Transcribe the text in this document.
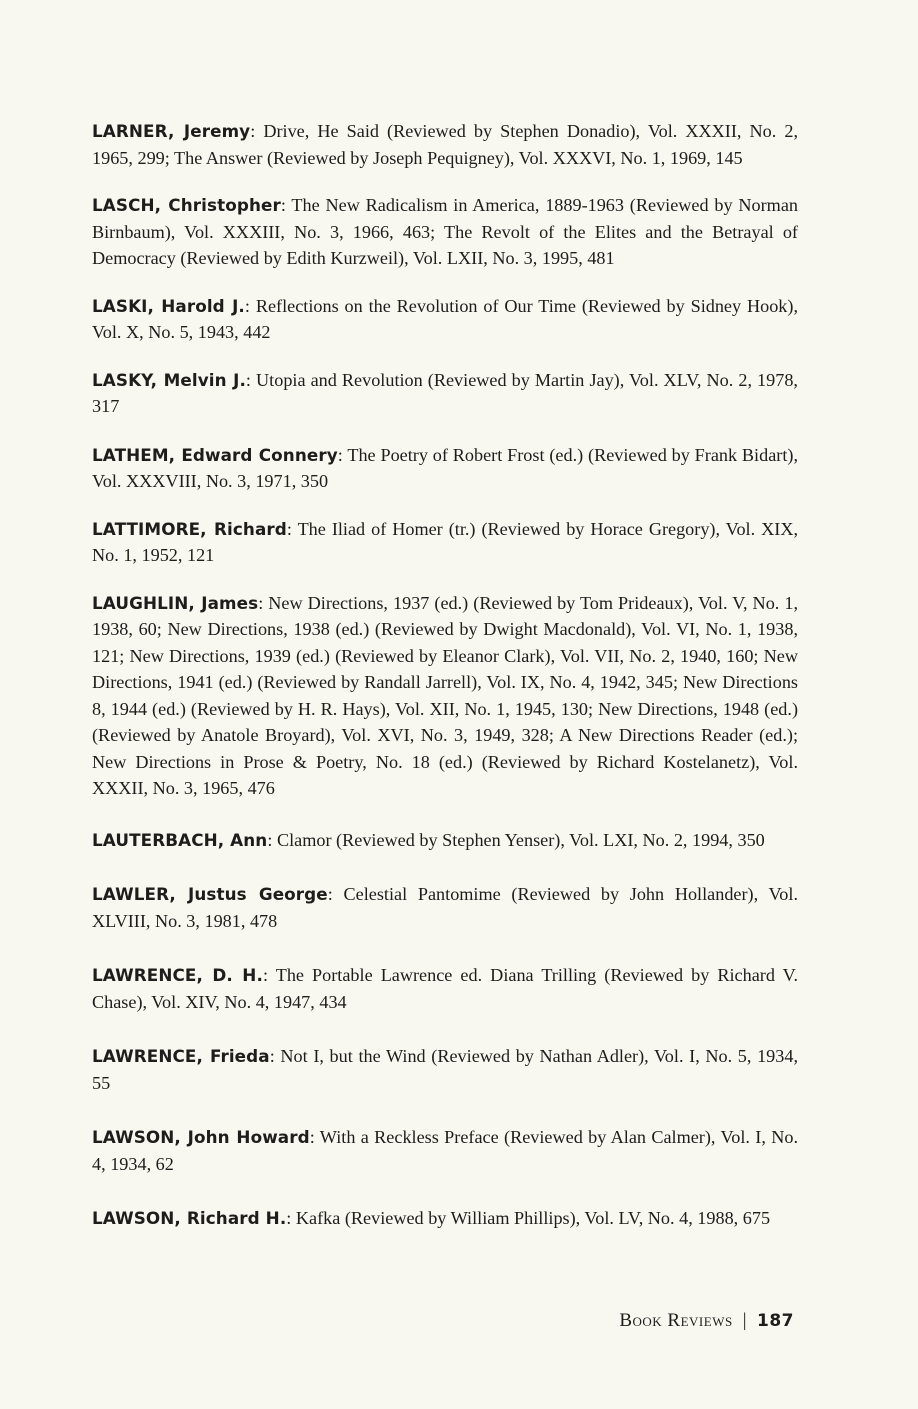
LARNER, Jeremy: Drive, He Said (Reviewed by Stephen Donadio), Vol. XXXII, No. 2, 1965, 299; The Answer (Reviewed by Joseph Pequigney), Vol. XXXVI, No. 1, 1969, 145

LASCH, Christopher: The New Radicalism in America, 1889-1963 (Reviewed by Norman Birnbaum), Vol. XXXIII, No. 3, 1966, 463; The Revolt of the Elites and the Betrayal of Democracy (Reviewed by Edith Kurzweil), Vol. LXII, No. 3, 1995, 481

LASKI, Harold J.: Reflections on the Revolution of Our Time (Reviewed by Sidney Hook), Vol. X, No. 5, 1943, 442

LASKY, Melvin J.: Utopia and Revolution (Reviewed by Martin Jay), Vol. XLV, No. 2, 1978, 317

LATHEM, Edward Connery: The Poetry of Robert Frost (ed.) (Reviewed by Frank Bidart), Vol. XXXVIII, No. 3, 1971, 350

LATTIMORE, Richard: The Iliad of Homer (tr.) (Reviewed by Horace Gregory), Vol. XIX, No. 1, 1952, 121

LAUGHLIN, James: New Directions, 1937 (ed.) (Reviewed by Tom Prideaux), Vol. V, No. 1, 1938, 60; New Directions, 1938 (ed.) (Reviewed by Dwight Macdonald), Vol. VI, No. 1, 1938, 121; New Directions, 1939 (ed.) (Reviewed by Eleanor Clark), Vol. VII, No. 2, 1940, 160; New Directions, 1941 (ed.) (Reviewed by Randall Jarrell), Vol. IX, No. 4, 1942, 345; New Directions 8, 1944 (ed.) (Reviewed by H. R. Hays), Vol. XII, No. 1, 1945, 130; New Directions, 1948 (ed.) (Reviewed by Anatole Broyard), Vol. XVI, No. 3, 1949, 328; A New Directions Reader (ed.); New Directions in Prose & Poetry, No. 18 (ed.) (Reviewed by Richard Kostelanetz), Vol. XXXII, No. 3, 1965, 476

LAUTERBACH, Ann: Clamor (Reviewed by Stephen Yenser), Vol. LXI, No. 2, 1994, 350

LAWLER, Justus George: Celestial Pantomime (Reviewed by John Hollander), Vol. XLVIII, No. 3, 1981, 478

LAWRENCE, D. H.: The Portable Lawrence ed. Diana Trilling (Reviewed by Richard V. Chase), Vol. XIV, No. 4, 1947, 434

LAWRENCE, Frieda: Not I, but the Wind (Reviewed by Nathan Adler), Vol. I, No. 5, 1934, 55

LAWSON, John Howard: With a Reckless Preface (Reviewed by Alan Calmer), Vol. I, No. 4, 1934, 62

LAWSON, Richard H.: Kafka (Reviewed by William Phillips), Vol. LV, No. 4, 1988, 675

Book Reviews | 187
